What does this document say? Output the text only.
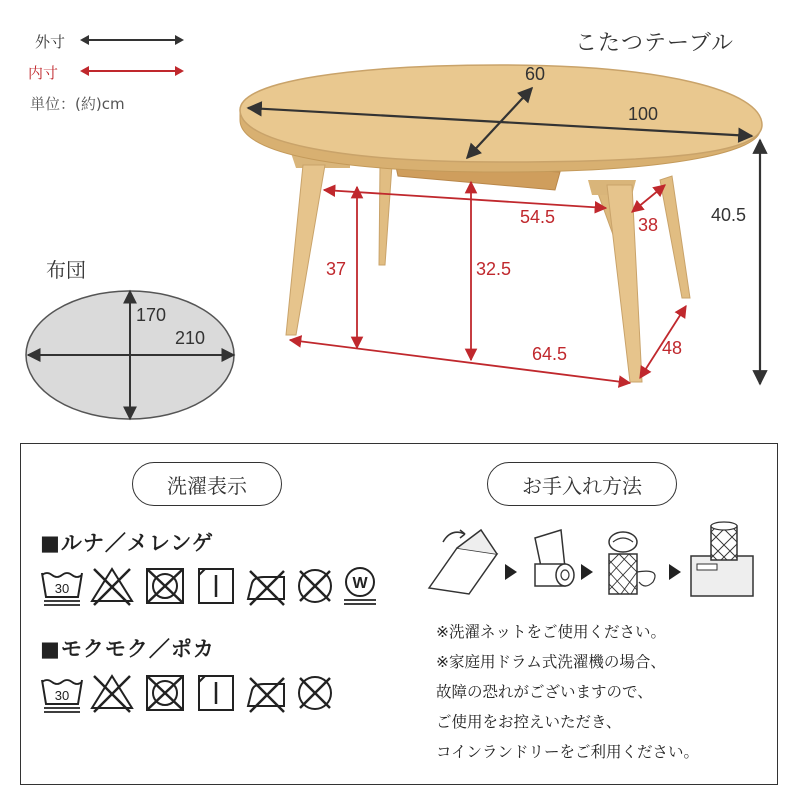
外寸
内寸
単位：(約)cm
こたつテーブル
60
100
40.5
54.5	38
37	32.5
64.5	48
布団
170
210
洗濯表示	お手入れ方法
■ルナ／メレンゲ
30	W
■モクモク／ポカ
30
※洗濯ネットをご使用ください。
※家庭用ドラム式洗濯機の場合、
故障の恐れがございますので、
ご使用をお控えいただき、
コインランドリーをご利用ください。
